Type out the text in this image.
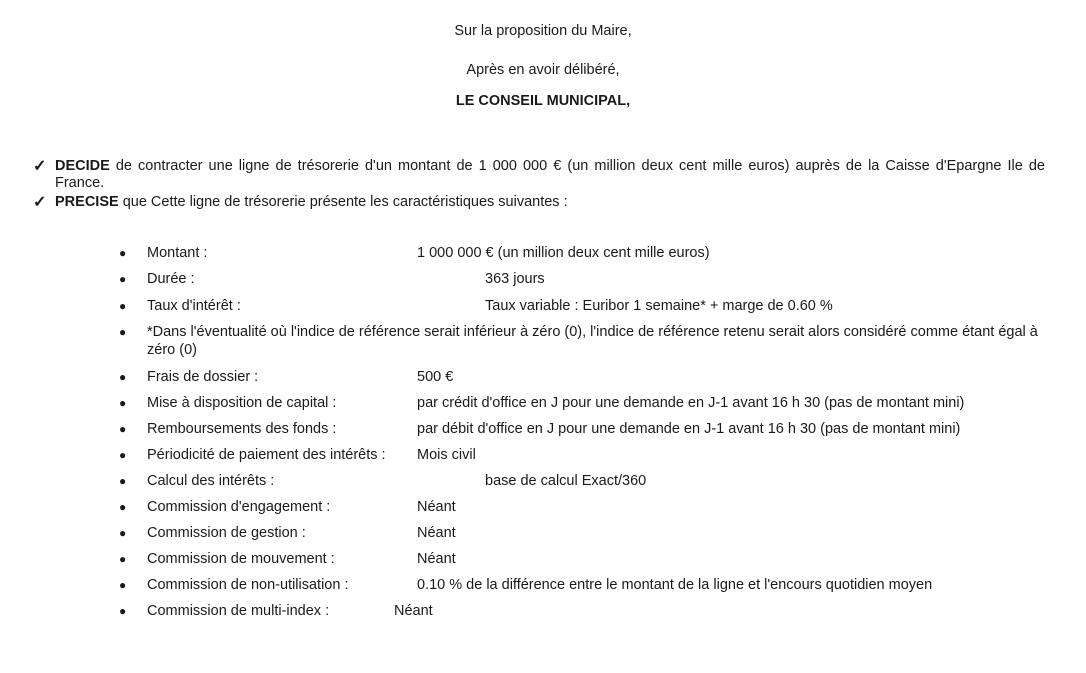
Sur la proposition du Maire,
Après en avoir délibéré,
LE CONSEIL MUNICIPAL,
✓ DECIDE de contracter une ligne de trésorerie d'un montant de 1 000 000 € (un million deux cent mille euros) auprès de la Caisse d'Epargne Ile de France.
✓ PRECISE que Cette ligne de trésorerie présente les caractéristiques suivantes :
● Montant :	1 000 000 € (un million deux cent mille euros)
● Durée :	363 jours
● Taux d'intérêt :	Taux variable : Euribor 1 semaine* + marge de 0.60 %
● *Dans l'éventualité où l'indice de référence serait inférieur à zéro (0), l'indice de référence retenu serait alors considéré comme étant égal à zéro (0)
● Frais de dossier :	500 €
● Mise à disposition de capital :	par crédit d'office en J pour une demande en J-1 avant 16 h 30 (pas de montant mini)
● Remboursements des fonds :	par débit d'office en J pour une demande en J-1 avant 16 h 30 (pas de montant mini)
● Périodicité de paiement des intérêts : Mois civil
● Calcul des intérêts :	base de calcul Exact/360
● Commission d'engagement :	Néant
● Commission de gestion :	Néant
● Commission de mouvement :	Néant
● Commission de non-utilisation :	0.10 % de la différence entre le montant de la ligne et l'encours quotidien moyen
● Commission de multi-index :	Néant
